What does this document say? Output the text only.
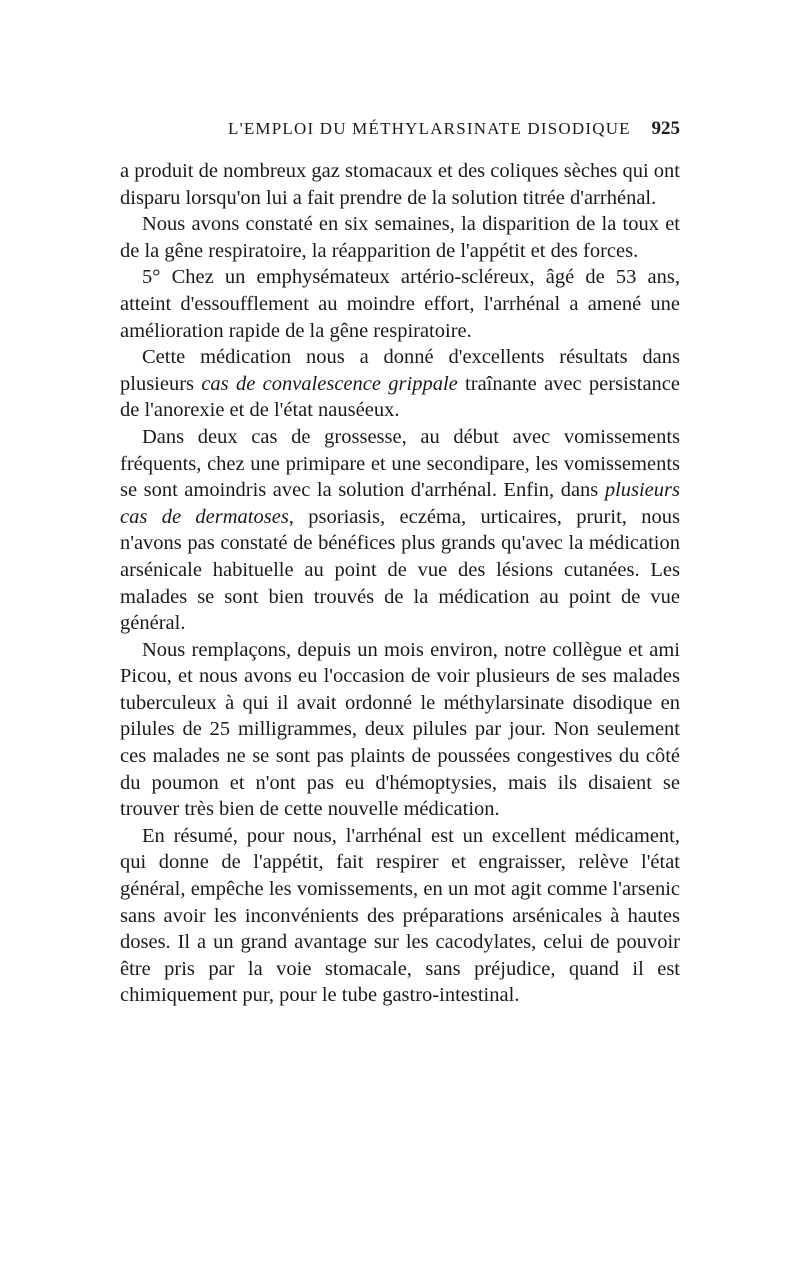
L'EMPLOI DU MÉTHYLARSINATE DISODIQUE 925

a produit de nombreux gaz stomacaux et des coliques sèches qui ont disparu lorsqu'on lui a fait prendre de la solution titrée d'arrhénal.

Nous avons constaté en six semaines, la disparition de la toux et de la gêne respiratoire, la réapparition de l'appétit et des forces.

5° Chez un emphysémateux artério-scléreux, âgé de 53 ans, atteint d'essoufflement au moindre effort, l'arrhénal a amené une amélioration rapide de la gêne respiratoire.

Cette médication nous a donné d'excellents résultats dans plusieurs cas de convalescence grippale traînante avec persistance de l'anorexie et de l'état nauséeux.

Dans deux cas de grossesse, au début avec vomissements fréquents, chez une primipare et une secondipare, les vomissements se sont amoindris avec la solution d'arrhénal. Enfin, dans plusieurs cas de dermatoses, psoriasis, eczéma, urticaires, prurit, nous n'avons pas constaté de bénéfices plus grands qu'avec la médication arsénicale habituelle au point de vue des lésions cutanées. Les malades se sont bien trouvés de la médication au point de vue général.

Nous remplaçons, depuis un mois environ, notre collègue et ami Picou, et nous avons eu l'occasion de voir plusieurs de ses malades tuberculeux à qui il avait ordonné le méthylarsinate disodique en pilules de 25 milligrammes, deux pilules par jour. Non seulement ces malades ne se sont pas plaints de poussées congestives du côté du poumon et n'ont pas eu d'hémoptysies, mais ils disaient se trouver très bien de cette nouvelle médication.

En résumé, pour nous, l'arrhénal est un excellent médicament, qui donne de l'appétit, fait respirer et engraisser, relève l'état général, empêche les vomissements, en un mot agit comme l'arsenic sans avoir les inconvénients des préparations arsénicales à hautes doses. Il a un grand avantage sur les cacodylates, celui de pouvoir être pris par la voie stomacale, sans préjudice, quand il est chimiquement pur, pour le tube gastro-intestinal.
